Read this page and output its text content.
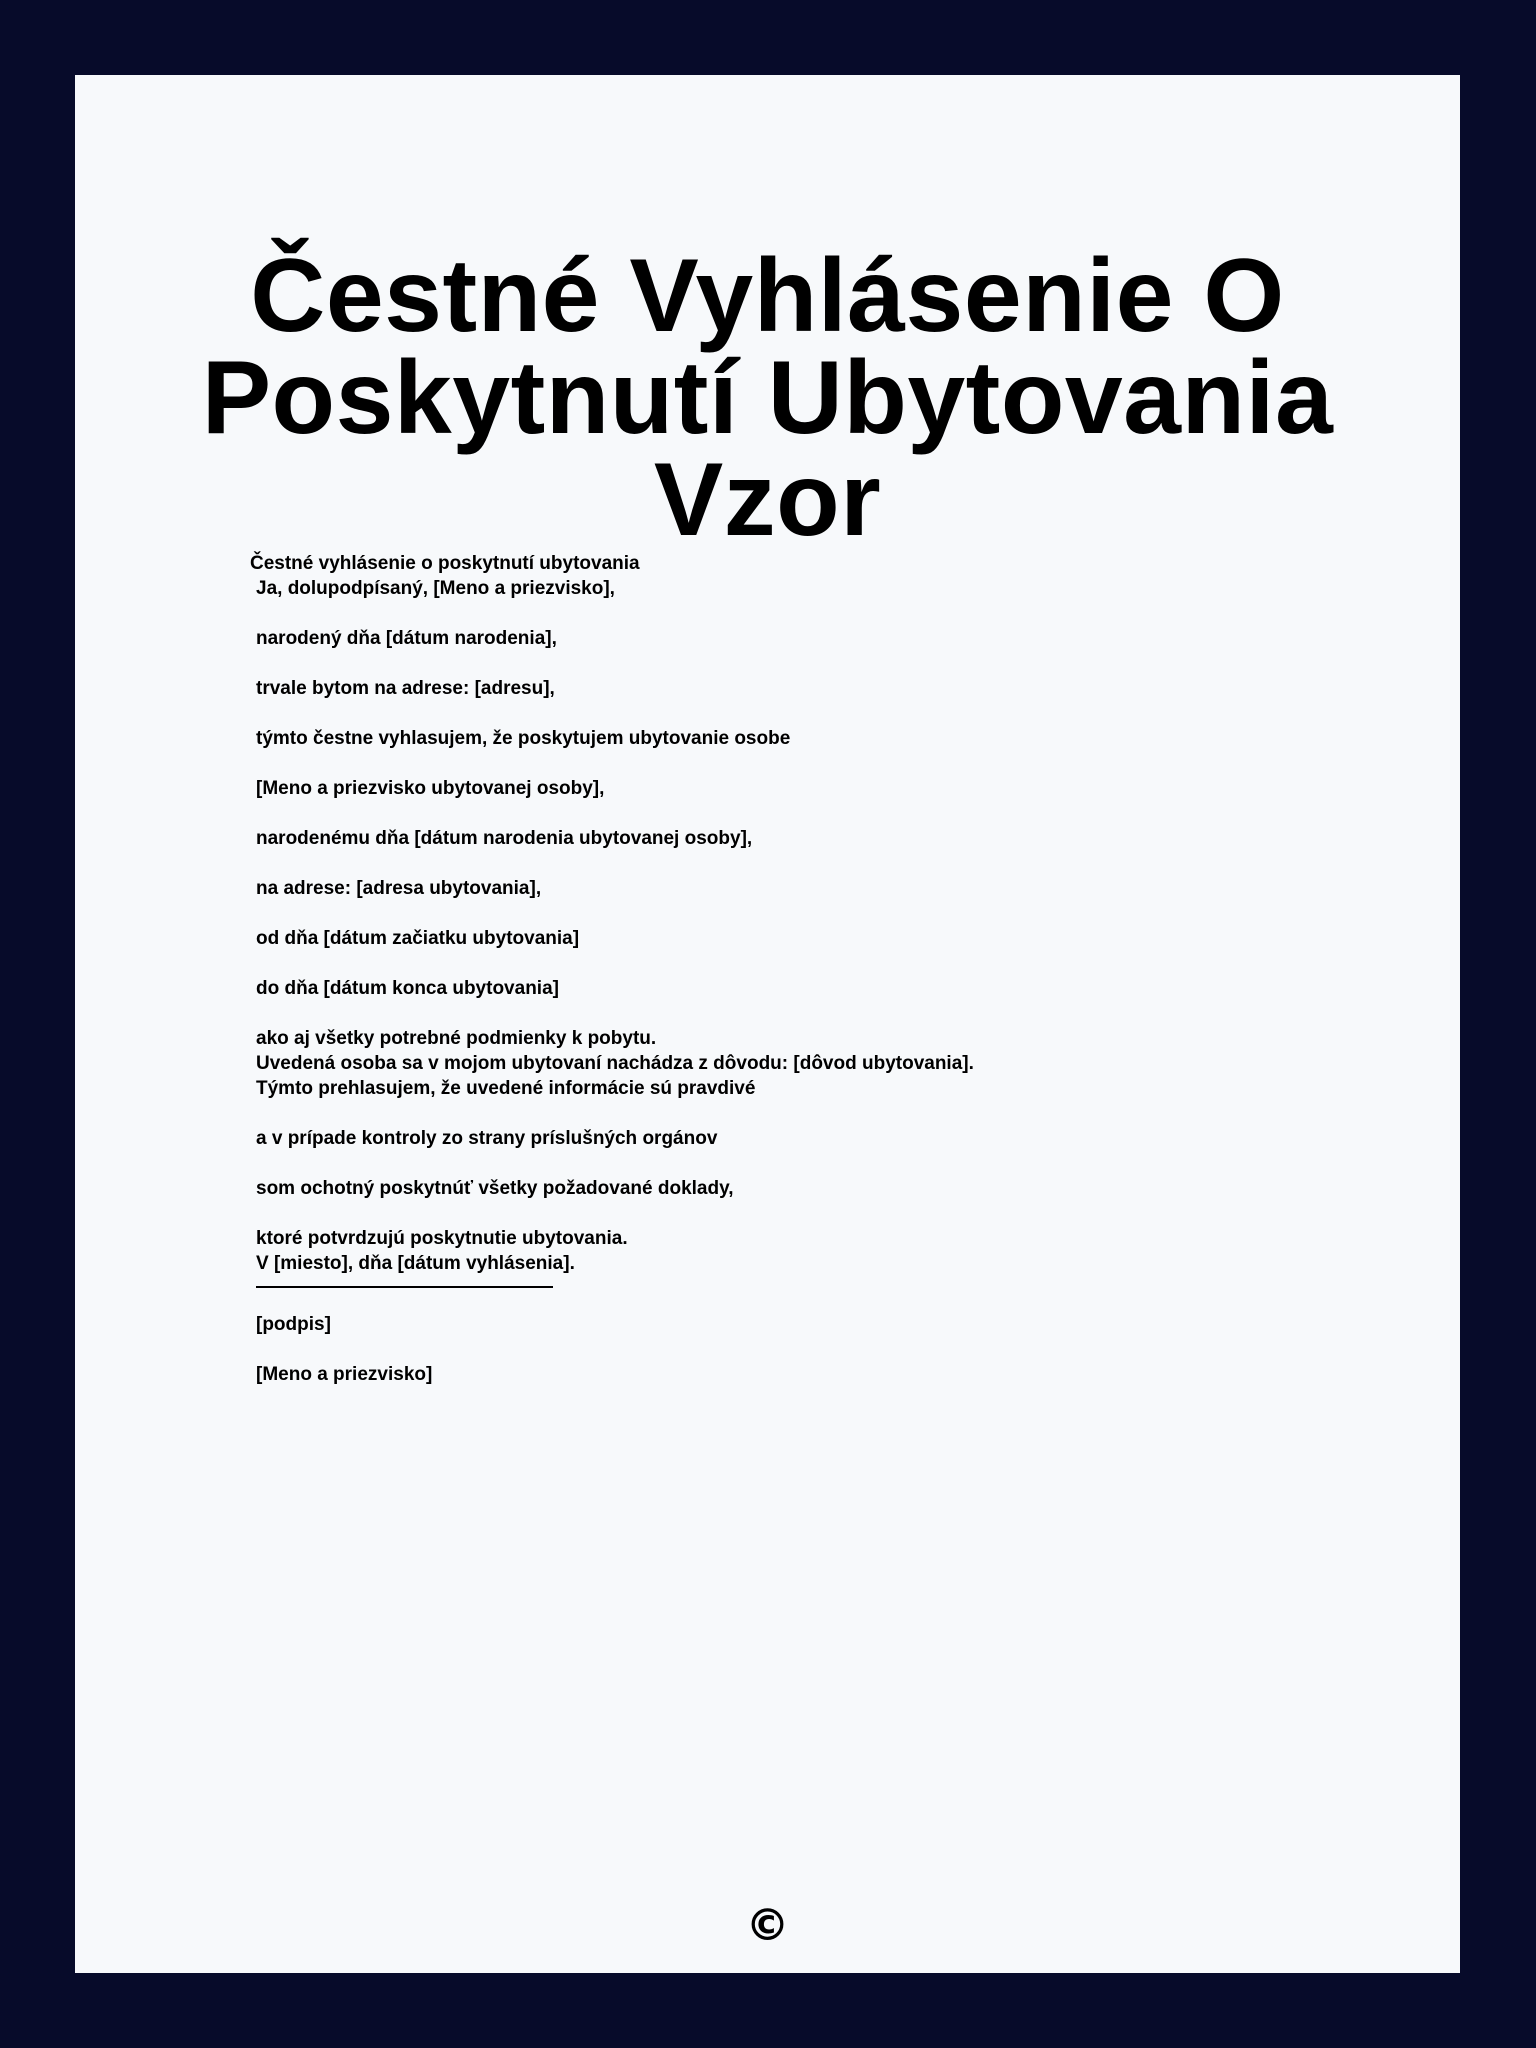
Čestné Vyhlásenie O
Poskytnutí Ubytovania Vzor
Čestné vyhlásenie o poskytnutí ubytovania
Ja, dolupodpísaný, [Meno a priezvisko],
narodený dňa [dátum narodenia],
trvale bytom na adrese: [adresu],
týmto čestne vyhlasujem, že poskytujem ubytovanie osobe
[Meno a priezvisko ubytovanej osoby],
narodenému dňa [dátum narodenia ubytovanej osoby],
na adrese: [adresa ubytovania],
od dňa [dátum začiatku ubytovania]
do dňa [dátum konca ubytovania]
ako aj všetky potrebné podmienky k pobytu.
Uvedená osoba sa v mojom ubytovaní nachádza z dôvodu: [dôvod ubytovania].
Týmto prehlasujem, že uvedené informácie sú pravdivé
a v prípade kontroly zo strany príslušných orgánov
som ochotný poskytnúť všetky požadované doklady,
ktoré potvrdzujú poskytnutie ubytovania.
V [miesto], dňa [dátum vyhlásenia].
[podpis]
[Meno a priezvisko]
©
